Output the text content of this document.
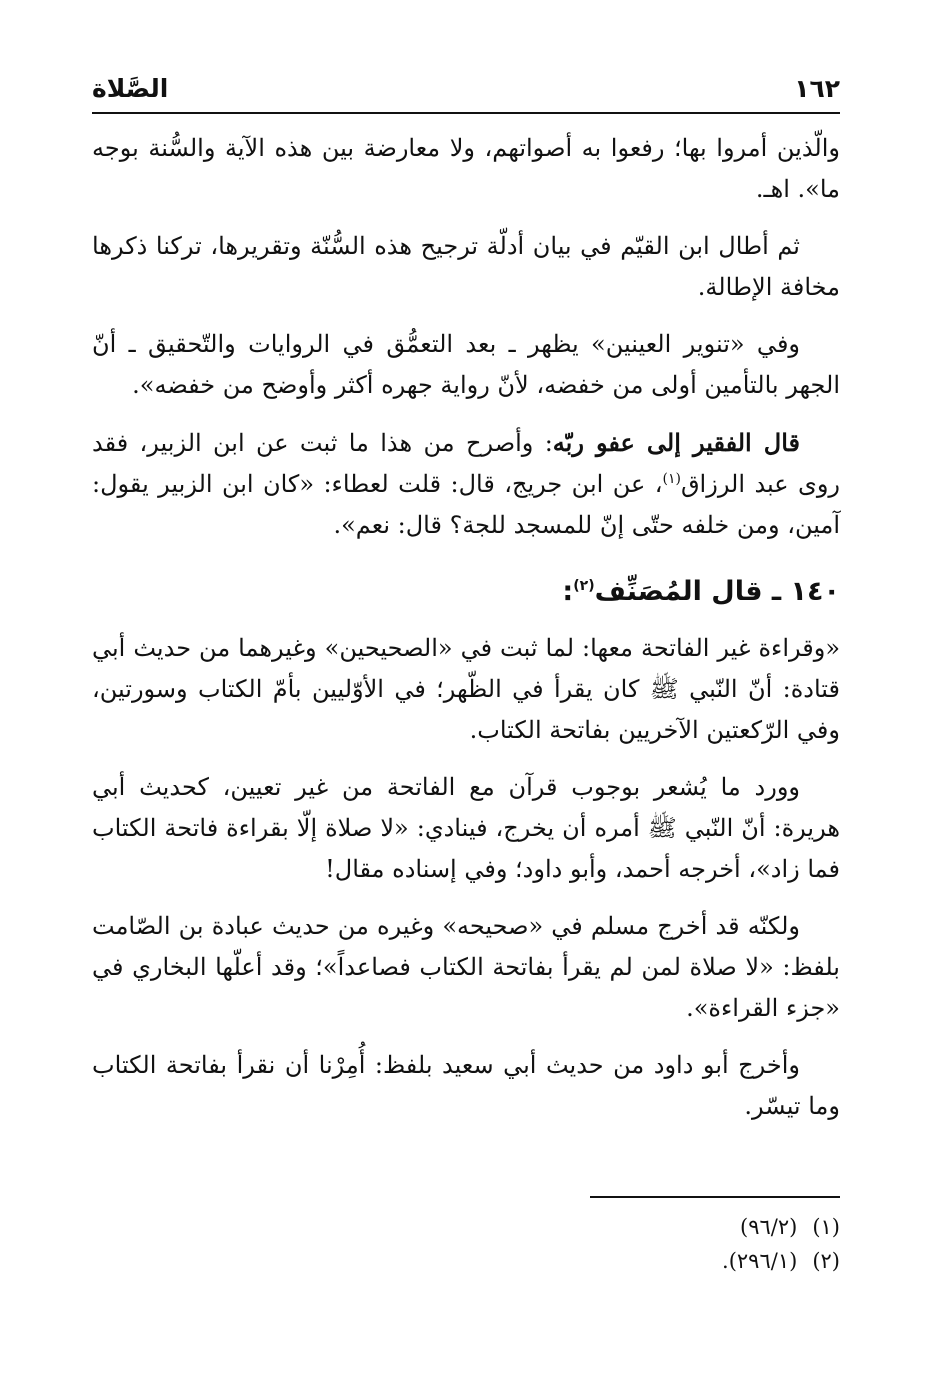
١٦٢
الصَّلاة

والّذين أمروا بها؛ رفعوا به أصواتهم، ولا معارضة بين هذه الآية والسُّنة بوجه ما». اهـ.

ثم أطال ابن القيّم في بيان أدلّة ترجيح هذه السُّنّة وتقريرها، تركنا ذكرها مخافة الإطالة.

وفي «تنوير العينين» يظهر ـ بعد التعمُّق في الروايات والتّحقيق ـ أنّ الجهر بالتأمين أولى من خفضه، لأنّ رواية جهره أكثر وأوضح من خفضه».

قال الفقير إلى عفو ربّه: وأصرح من هذا ما ثبت عن ابن الزبير، فقد روى عبد الرزاق$^{(١)}$، عن ابن جريج، قال: قلت لعطاء: «كان ابن الزبير يقول: آمين، ومن خلفه حتّى إنّ للمسجد للجة؟ قال: نعم».

١٤٠ ـ قال المُصَنِّف$^{(٢)}$:

«وقراءة غير الفاتحة معها: لما ثبت في «الصحيحين» وغيرهما من حديث أبي قتادة: أنّ النّبي ﷺ كان يقرأ في الظّهر؛ في الأوّليين بأمّ الكتاب وسورتين، وفي الرّكعتين الآخريين بفاتحة الكتاب.

وورد ما يُشعر بوجوب قرآن مع الفاتحة من غير تعيين، كحديث أبي هريرة: أنّ النّبي ﷺ أمره أن يخرج، فينادي: «لا صلاة إلّا بقراءة فاتحة الكتاب فما زاد»، أخرجه أحمد، وأبو داود؛ وفي إسناده مقال!

ولكنّه قد أخرج مسلم في «صحيحه» وغيره من حديث عبادة بن الصّامت بلفظ: «لا صلاة لمن لم يقرأ بفاتحة الكتاب فصاعداً»؛ وقد أعلّها البخاري في «جزء القراءة».

وأخرج أبو داود من حديث أبي سعيد بلفظ: أُمِرْنا أن نقرأ بفاتحة الكتاب وما تيسّر.

(١) (٩٦/٢)

(٢) (٢٩٦/١).
